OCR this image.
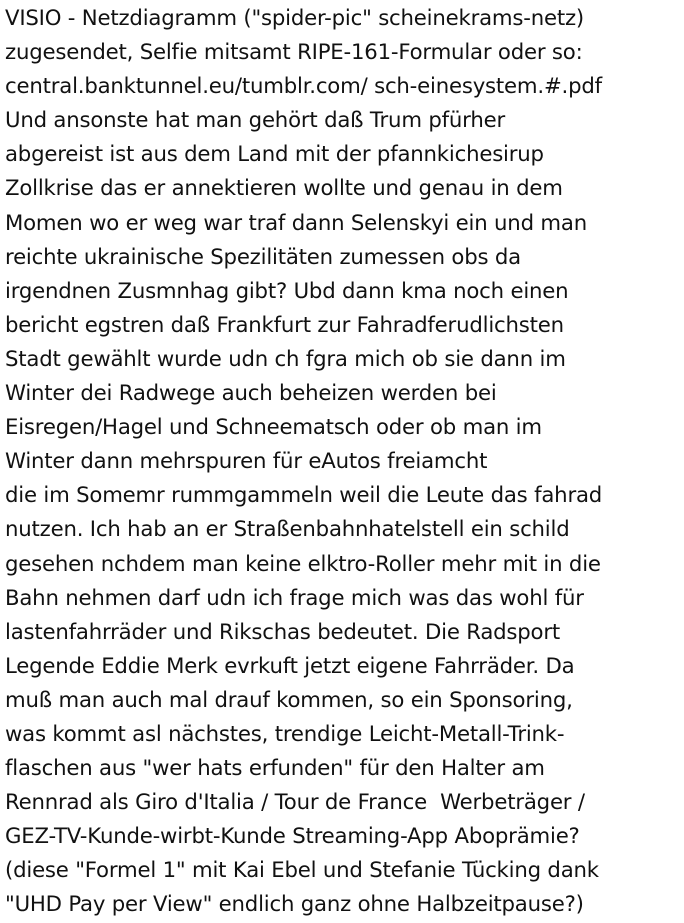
VISIO - Netzdiagramm ("spider-pic" scheinekrams-netz)
zugesendet, Selfie mitsamt RIPE-161-Formular oder so:
central.banktunnel.eu/tumblr.com/ sch-einesystem.#.pdf
Und ansonste hat man gehört daß Trum pfürher
abgereist ist aus dem Land mit der pfannkichesirup
Zollkrise das er annektieren wollte und genau in dem
Momen wo er weg war traf dann Selenskyi ein und man
reichte ukrainische Spezilitäten zumessen obs da
irgendnen Zusmnhag gibt? Ubd dann kma noch einen
bericht egstren daß Frankfurt zur Fahradferudlichsten
Stadt gewählt wurde udn ch fgra mich ob sie dann im
Winter dei Radwege auch beheizen werden bei
Eisregen/Hagel und Schneematsch oder ob man im
Winter dann mehrspuren für eAutos freiamcht
die im Somemr rummgammeln weil die Leute das fahrad
nutzen. Ich hab an er Straßenbahnhatelstell ein schild
gesehen nchdem man keine elktro-Roller mehr mit in die
Bahn nehmen darf udn ich frage mich was das wohl für
lastenfahrräder und Rikschas bedeutet. Die Radsport
Legende Eddie Merk evrkuft jetzt eigene Fahrräder. Da
muß man auch mal drauf kommen, so ein Sponsoring,
was kommt asl nächstes, trendige Leicht-Metall-Trink-
flaschen aus "wer hats erfunden" für den Halter am
Rennrad als Giro d'Italia / Tour de France  Werbeträger /
GEZ-TV-Kunde-wirbt-Kunde Streaming-App Aboprämie?
(diese "Formel 1" mit Kai Ebel und Stefanie Tücking dank
"UHD Pay per View" endlich ganz ohne Halbzeitpause?)
